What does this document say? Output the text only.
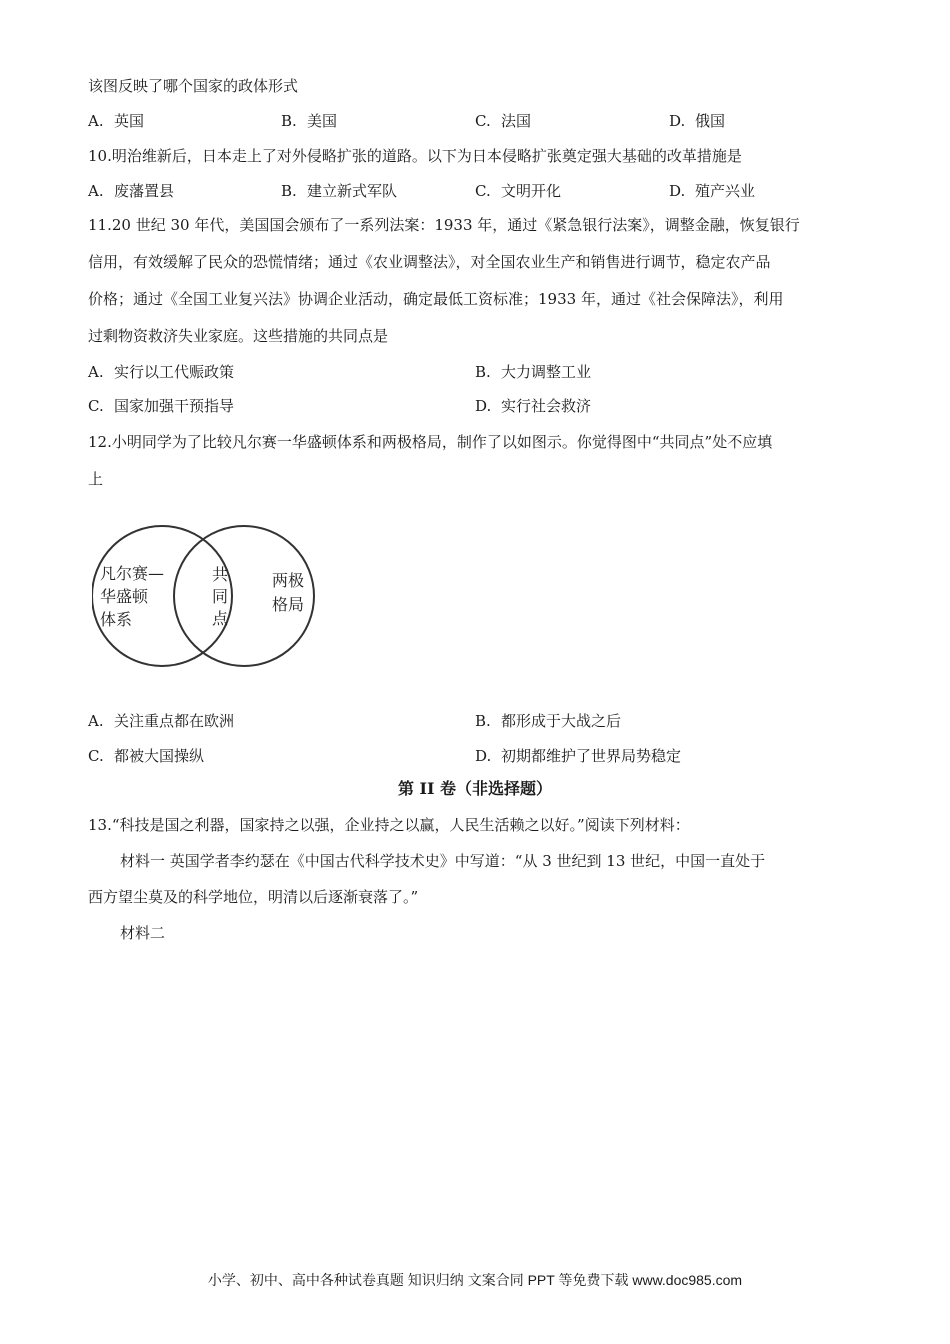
该图反映了哪个国家的政体形式
A. 英国	B. 美国	C. 法国	D. 俄国
10.明治维新后，日本走上了对外侵略扩张的道路。以下为日本侵略扩张奠定强大基础的改革措施是
A. 废藩置县	B. 建立新式军队	C. 文明开化	D. 殖产兴业
11.20 世纪 30 年代，美国国会颁布了一系列法案：1933 年，通过《紧急银行法案》，调整金融，恢复银行
信用，有效缓解了民众的恐慌情绪；通过《农业调整法》，对全国农业生产和销售进行调节，稳定农产品
价格；通过《全国工业复兴法》协调企业活动，确定最低工资标准；1933 年，通过《社会保障法》，利用
过剩物资救济失业家庭。这些措施的共同点是
A. 实行以工代赈政策	B. 大力调整工业
C. 国家加强干预指导	D. 实行社会救济
12.小明同学为了比较凡尔赛一华盛顿体系和两极格局，制作了以如图示。你觉得图中“共同点”处不应填
上
凡尔赛—
华盛顿
体系
共
同
点
两极
格局
A. 关注重点都在欧洲	B. 都形成于大战之后
C. 都被大国操纵	D. 初期都维护了世界局势稳定
第 II 卷（非选择题）
13.“科技是国之利器，国家持之以强，企业持之以赢，人民生活赖之以好。”阅读下列材料：
材料一 英国学者李约瑟在《中国古代科学技术史》中写道：“从 3 世纪到 13 世纪，中国一直处于
西方望尘莫及的科学地位，明清以后逐渐衰落了。”
材料二
小学、初中、高中各种试卷真题 知识归纳 文案合同 PPT 等免费下载 www.doc985.com
